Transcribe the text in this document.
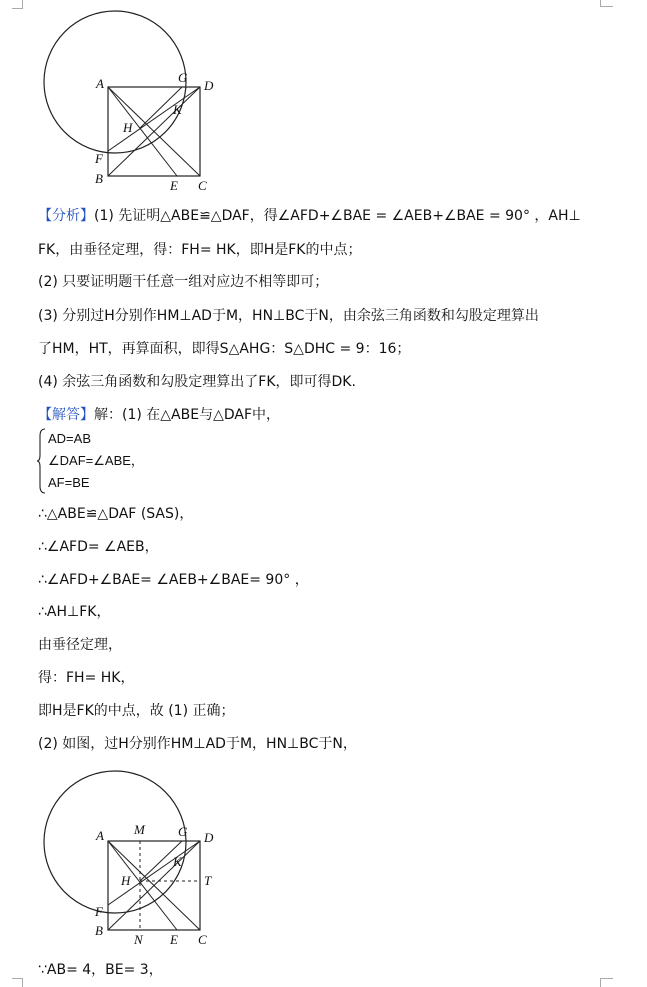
A	G
D
K
H
F
B	E C
【分析】(1) 先证明△ABE≌△DAF，得∠AFD+∠BAE = ∠AEB+∠BAE = 90° ，AH⊥
FK，由垂径定理，得：FH= HK，即H是FK的中点；
(2) 只要证明题干任意一组对应边不相等即可；
(3) 分别过H分别作HM⊥AD于M，HN⊥BC于N，由余弦三角函数和勾股定理算出
了HM，HT，再算面积，即得S△AHG：S△DHC = 9：16；
(4) 余弦三角函数和勾股定理算出了FK，即可得DK.
【解答】解：(1) 在△ABE与△DAF中，
AD=AB
∠DAF=∠ABE，
AF=BE
∴△ABE≌△DAF (SAS)，
∴∠AFD= ∠AEB，
∴∠AFD+∠BAE= ∠AEB+∠BAE= 90° ，
∴AH⊥FK，
由垂径定理，
得：FH= HK，
即H是FK的中点，故 (1) 正确；
(2) 如图，过H分别作HM⊥AD于M，HN⊥BC于N，
A M	G D
K
H	T
F
B
N E C
∵AB= 4，BE= 3，
